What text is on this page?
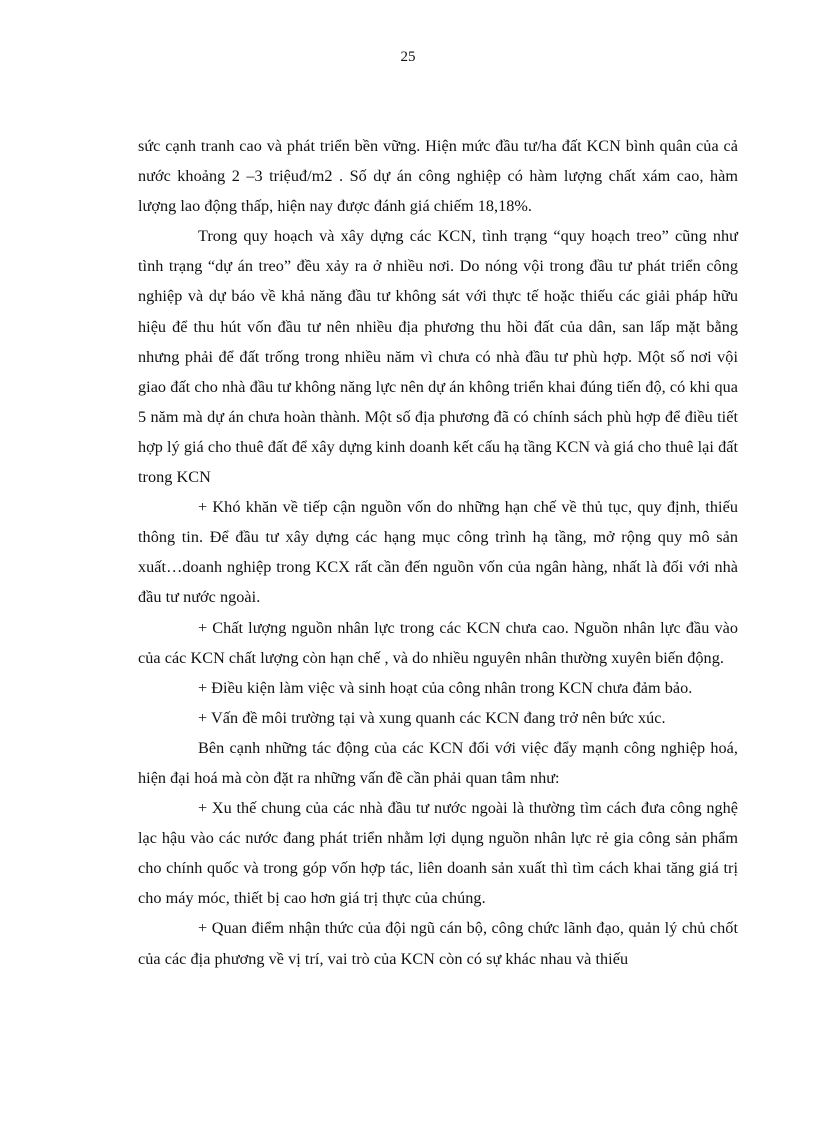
25

sức cạnh tranh cao và phát triển bền vững. Hiện mức đầu tư/ha đất KCN bình quân của cả nước khoảng 2 –3 triệuđ/m2 . Số dự án công nghiệp có hàm lượng chất xám cao, hàm lượng lao động thấp, hiện nay được đánh giá chiếm 18,18%.

Trong quy hoạch và xây dựng các KCN, tình trạng “quy hoạch treo” cũng như tình trạng “dự án treo” đều xảy ra ở nhiều nơi. Do nóng vội trong đầu tư phát triển công nghiệp và dự báo về khả năng đầu tư không sát với thực tế hoặc thiếu các giải pháp hữu hiệu để thu hút vốn đầu tư nên nhiều địa phương thu hồi đất của dân, san lấp mặt bằng nhưng phải để đất trống trong nhiều năm vì chưa có nhà đầu tư phù hợp. Một số nơi vội giao đất cho nhà đầu tư không năng lực nên dự án không triển khai đúng tiến độ, có khi qua 5 năm mà dự án chưa hoàn thành. Một số địa phương đã có chính sách phù hợp để điều tiết hợp lý giá cho thuê đất để xây dựng kinh doanh kết cấu hạ tầng KCN và giá cho thuê lại đất trong KCN

+ Khó khăn về tiếp cận nguồn vốn do những hạn chế về thủ tục, quy định, thiếu thông tin. Để đầu tư xây dựng các hạng mục công trình hạ tầng, mở rộng quy mô sản xuất…doanh nghiệp trong KCX rất cần đến nguồn vốn của ngân hàng, nhất là đối với nhà đầu tư nước ngoài.

+ Chất lượng nguồn nhân lực trong các KCN chưa cao. Nguồn nhân lực đầu vào của các KCN chất lượng còn hạn chế , và do nhiều nguyên nhân thường xuyên biến động.

+ Điều kiện làm việc và sinh hoạt của công nhân trong KCN chưa đảm bảo.

+ Vấn đề môi trường tại và xung quanh các KCN đang trở nên bức xúc.

Bên cạnh những tác động của các KCN đối với việc đẩy mạnh công nghiệp hoá, hiện đại hoá mà còn đặt ra những vấn đề cần phải quan tâm như:

+ Xu thế chung của các nhà đầu tư nước ngoài là thường tìm cách đưa công nghệ lạc hậu vào các nước đang phát triển nhằm lợi dụng nguồn nhân lực rẻ gia công sản phẩm cho chính quốc và trong góp vốn hợp tác, liên doanh sản xuất thì tìm cách khai tăng giá trị cho máy móc, thiết bị cao hơn giá trị thực của chúng.

+ Quan điểm nhận thức của đội ngũ cán bộ, công chức lãnh đạo, quản lý chủ chốt của các địa phương về vị trí, vai trò của KCN còn có sự khác nhau và thiếu
